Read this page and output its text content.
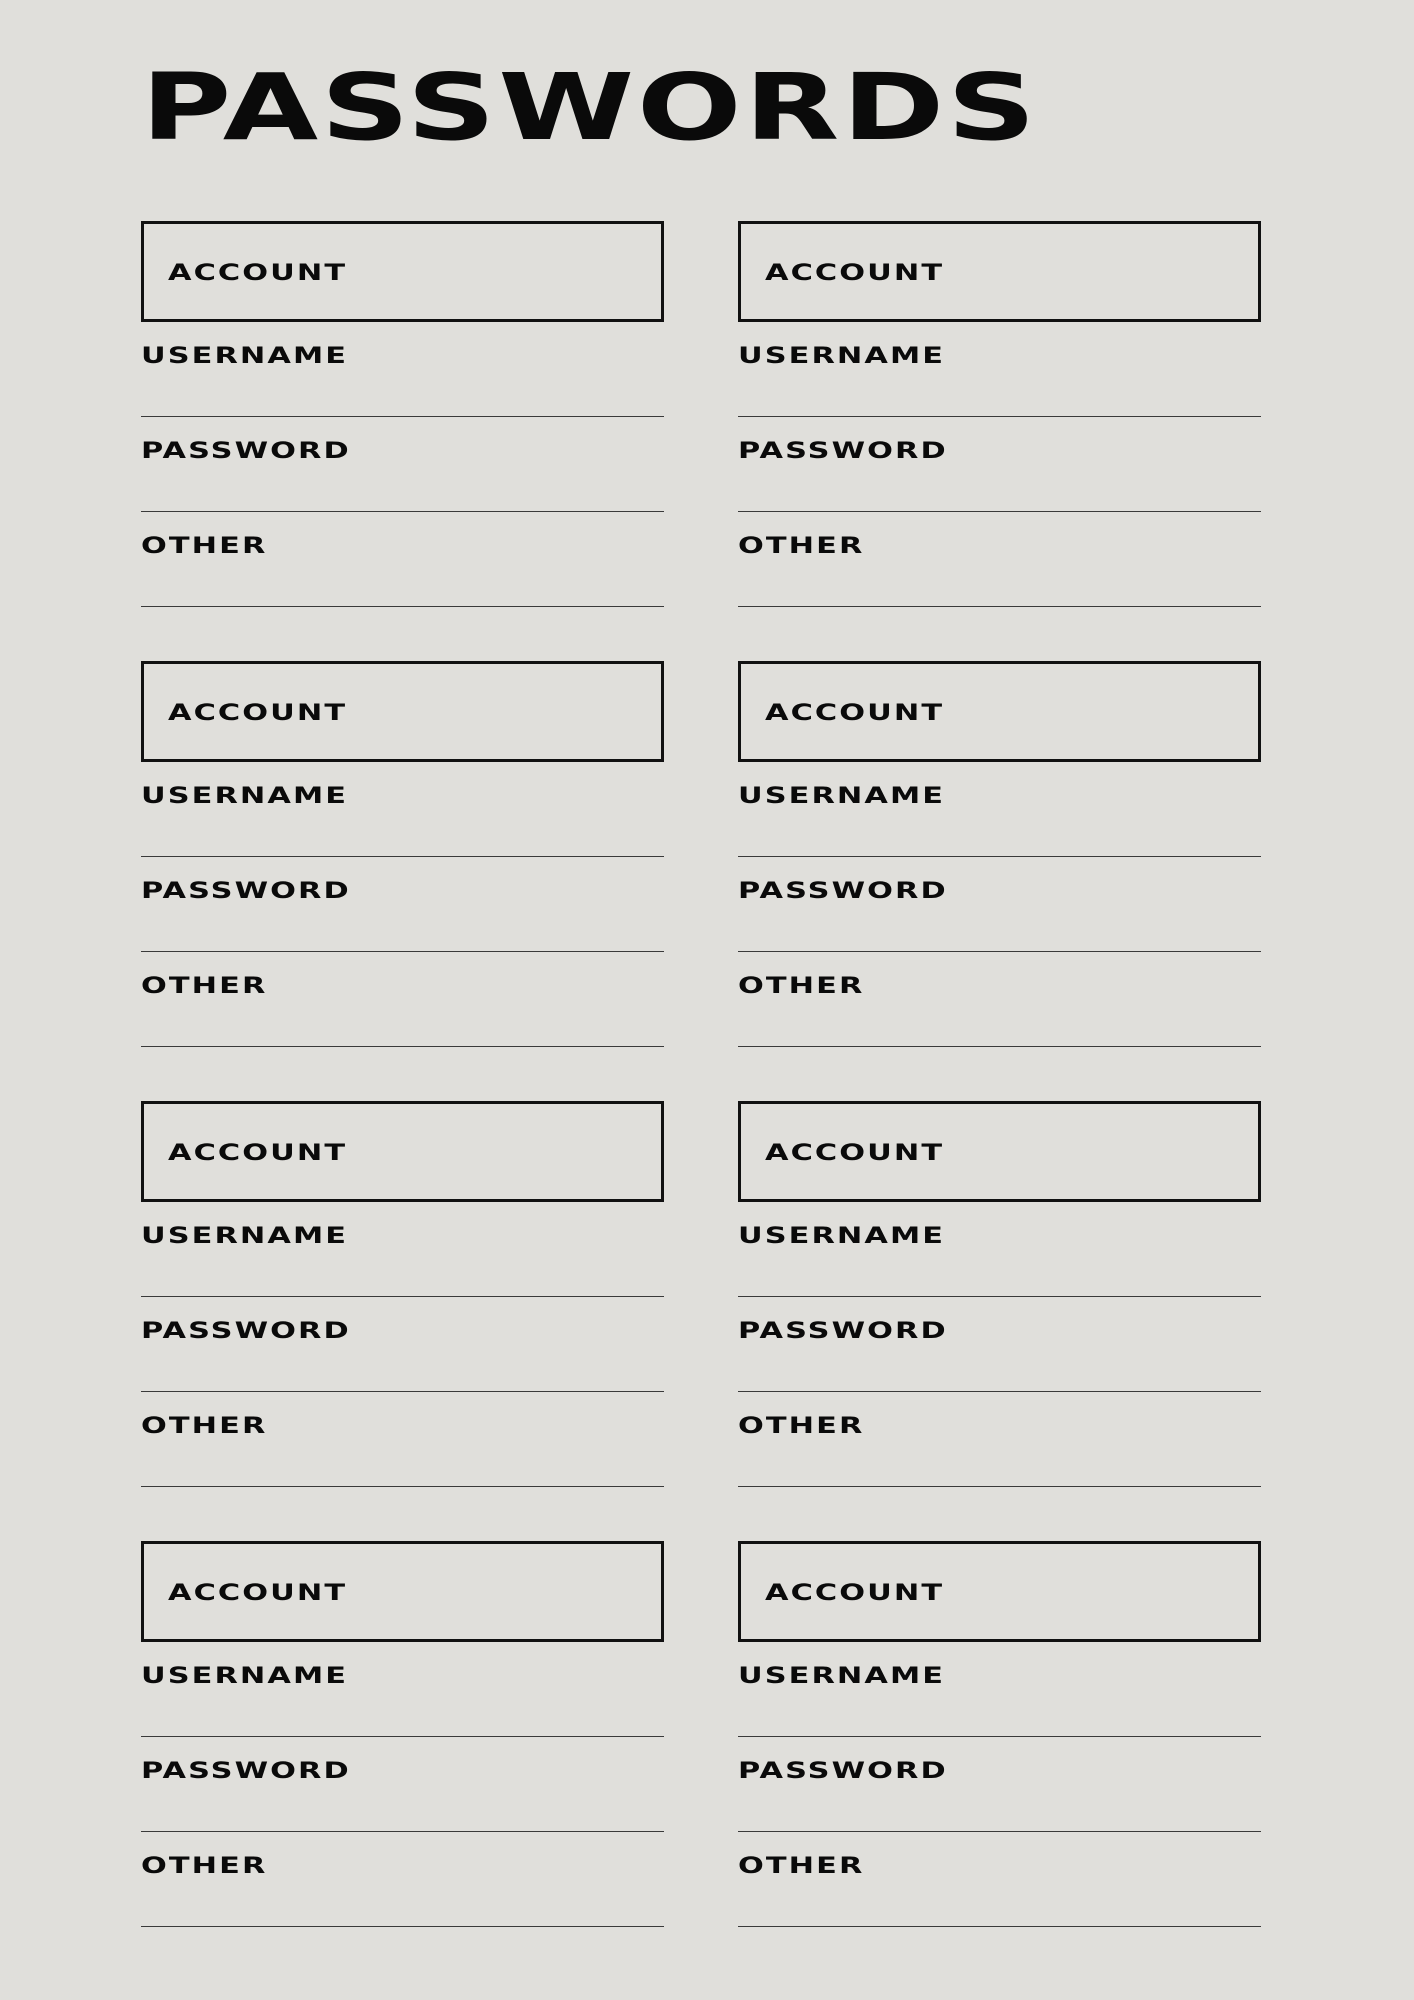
PASSWORDS
ACCOUNT
USERNAME
PASSWORD
OTHER
ACCOUNT
USERNAME
PASSWORD
OTHER
ACCOUNT
USERNAME
PASSWORD
OTHER
ACCOUNT
USERNAME
PASSWORD
OTHER
ACCOUNT
USERNAME
PASSWORD
OTHER
ACCOUNT
USERNAME
PASSWORD
OTHER
ACCOUNT
USERNAME
PASSWORD
OTHER
ACCOUNT
USERNAME
PASSWORD
OTHER
